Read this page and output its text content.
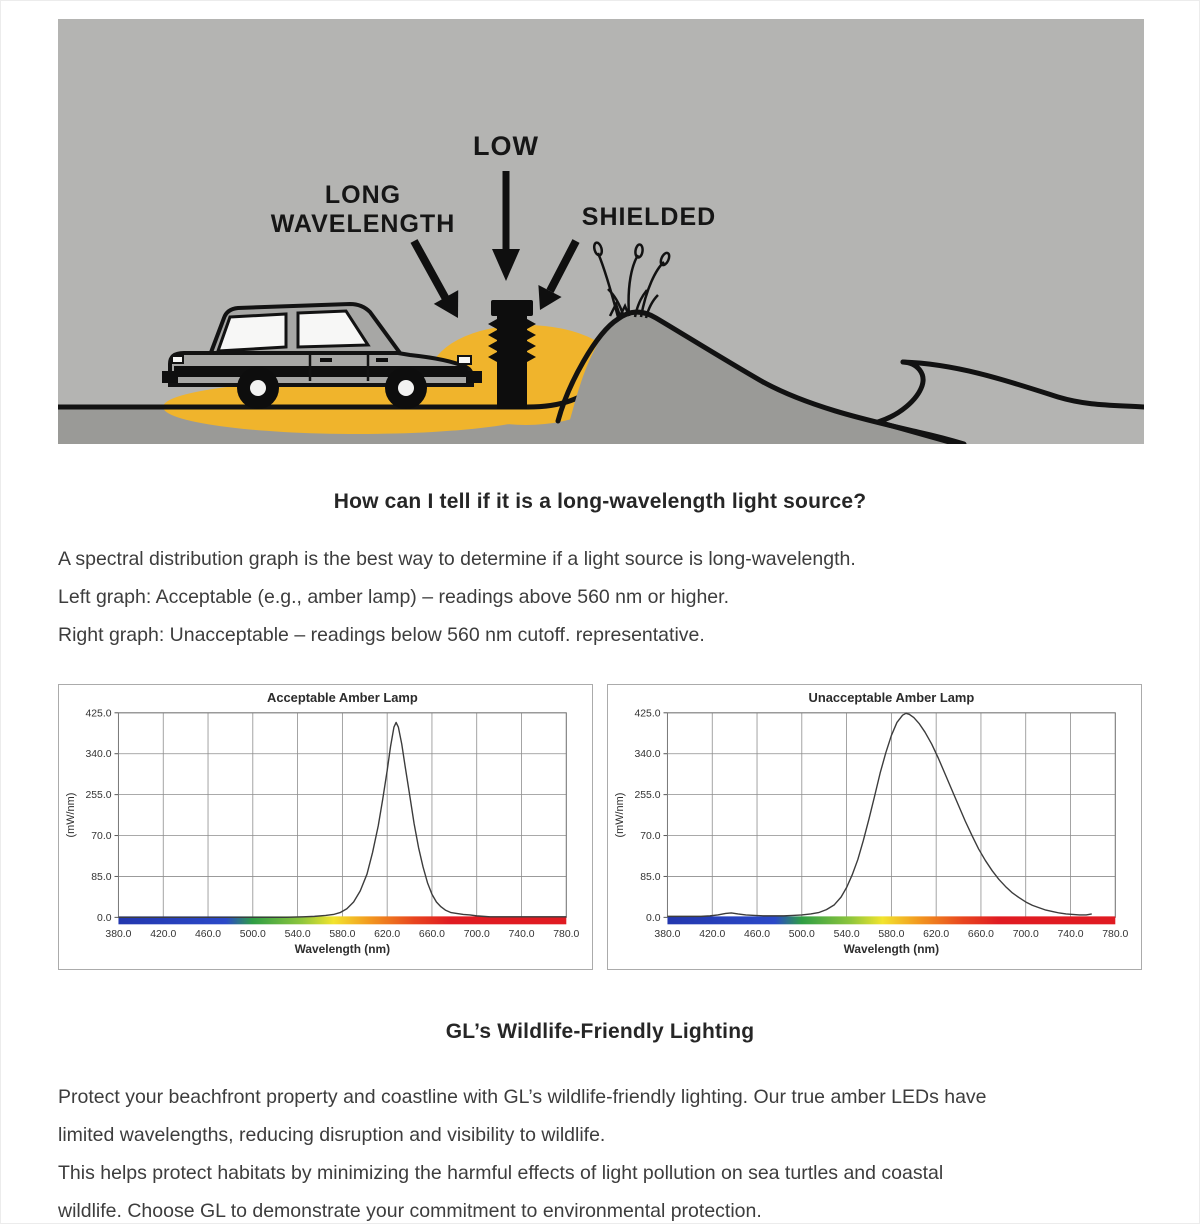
LOW
LONG
WAVELENGTH	SHIELDED
How can I tell if it is a long-wavelength light source?
A spectral distribution graph is the best way to determine if a light source is long-wavelength.
Left graph: Acceptable (e.g., amber lamp) – readings above 560 nm or higher.
Right graph: Unacceptable – readings below 560 nm cutoff. representative.
425.0
340.0
255.0
70.0
85.0
0.0
380.0 420.0 460.0 500.0 540.0 580.0 620.0 660.0 700.0 740.0 780.0
Wavelength (nm)
(mW/nm)
Acceptable Amber Lamp
425.0
340.0
255.0
70.0
85.0
0.0
380.0 420.0 460.0 500.0 540.0 580.0 620.0 660.0 700.0 740.0 780.0
Wavelength (nm)
(mW/nm)
Unacceptable Amber Lamp
GL’s Wildlife-Friendly Lighting
Protect your beachfront property and coastline with GL’s wildlife-friendly lighting. Our true amber LEDs have
limited wavelengths, reducing disruption and visibility to wildlife.
This helps protect habitats by minimizing the harmful effects of light pollution on sea turtles and coastal
wildlife. Choose GL to demonstrate your commitment to environmental protection.
